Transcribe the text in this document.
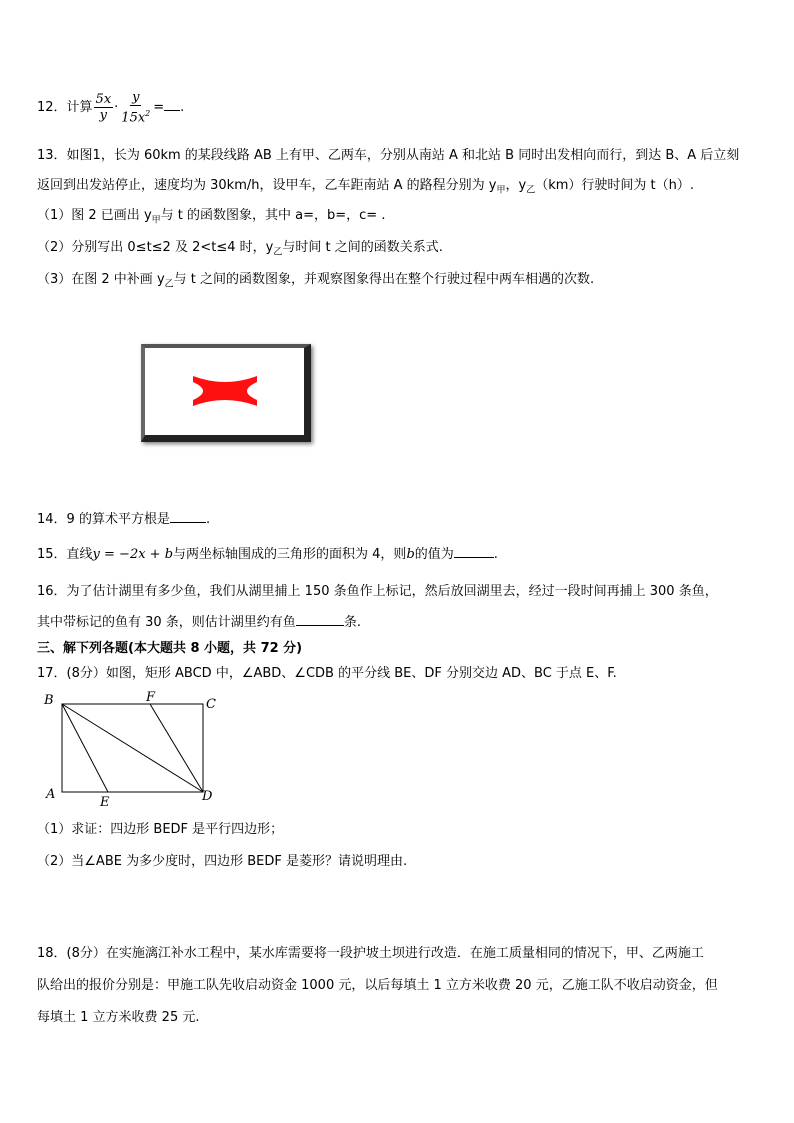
12．计算 $\frac{5x}{y} \cdot \frac{y}{15x^2}$ = .
13．如图1，长为 60km 的某段线路 AB 上有甲、乙两车，分别从南站 A 和北站 B 同时出发相向而行，到达 B、A 后立刻
返回到出发站停止，速度均为 30km/h，设甲车，乙车距南站 A 的路程分别为 $y_甲$，$y_乙(km)$行驶时间为 t（h）.
（1）图 2 已画出 $y_甲$与 t 的函数图象，其中 a=，b=，c= .
（2）分别写出 0≤t≤2 及 2<t≤4 时，$y_乙$与时间 t 之间的函数关系式.
（3）在图 2 中补画 $y_乙$与 t 之间的函数图象，并观察图象得出在整个行驶过程中两车相遇的次数.
14．9 的算术平方根是	.
15．直线y = −2x + b与两坐标轴围成的三角形的面积为 4，则b的值为	.
16．为了估计湖里有多少鱼，我们从湖里捕上 150 条鱼作上标记，然后放回湖里去，经过一段时间再捕上 300 条鱼，
其中带标记的鱼有 30 条，则估计湖里约有鱼	条.
三、解下列各题(本大题共 8 小题，共 72 分)
17．(8分）如图，矩形 ABCD 中，∠ABD、∠CDB 的平分线 BE、DF 分别交边 AD、BC 于点 E、F.
B	F	C
A
E	D
（1）求证：四边形 BEDF 是平行四边形；
（2）当∠ABE 为多少度时，四边形 BEDF 是菱形？请说明理由.
18．(8分）在实施漓江补水工程中，某水库需要将一段护坡土坝进行改造．在施工质量相同的情况下，甲、乙两施工
队给出的报价分别是：甲施工队先收启动资金 1000 元，以后每填土 1 立方米收费 20 元，乙施工队不收启动资金，但
每填土 1 立方米收费 25 元.
